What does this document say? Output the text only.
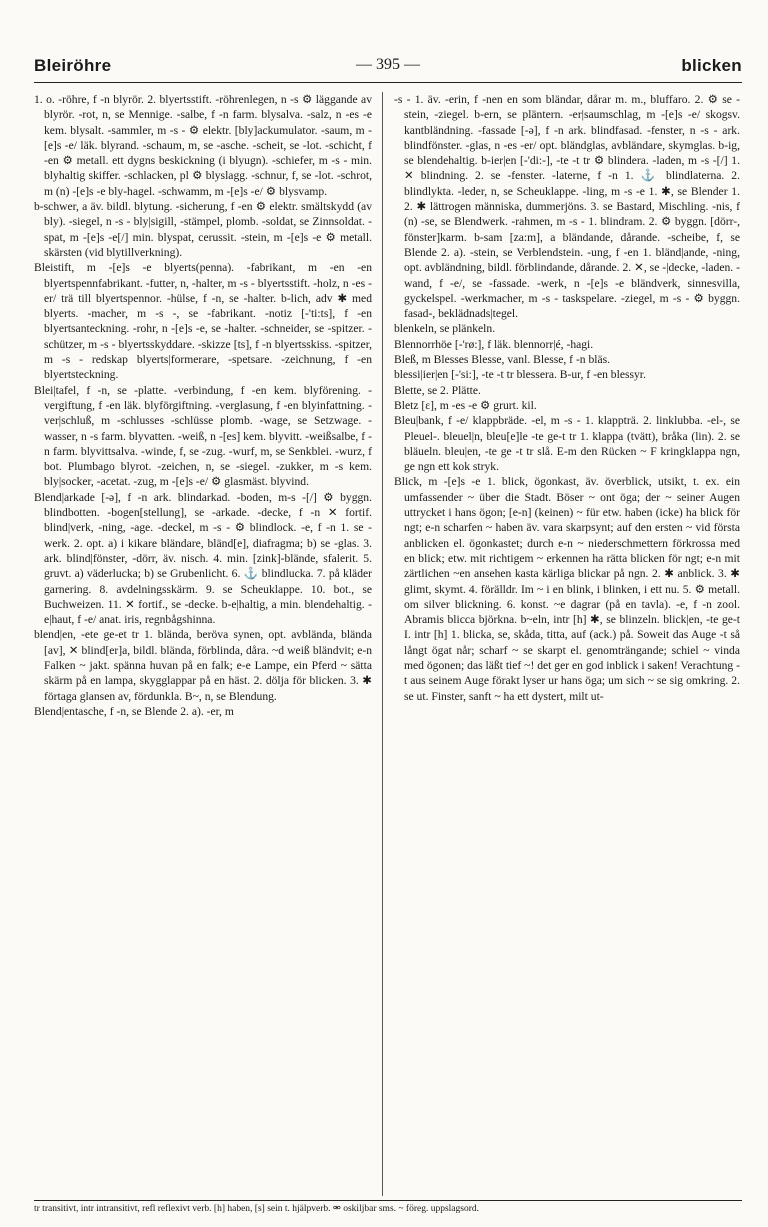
Bleiröhre	— 395 —	blicken

1. o. -röhre, f -n blyrör. 2. blyertsstift. -röhrenlegen, n -s ⚙ läggande av blyrör. -rot, n, se Mennige. -salbe, f -n farm. blysalva. -salz, n -es -e kem. blysalt. -sammler, m -s - ⚙ elektr. [bly]ackumulator. -saum, m -[e]s -e/ läk. blyrand. -schaum, m, se -asche. -scheit, se -lot. -schicht, f -en ⚙ metall. ett dygns beskickning (i blyugn). -schiefer, m -s - min. blyhaltig skiffer. -schlacken, pl ⚙ blyslagg. -schnur, f, se -lot. -schrot, m (n) -[e]s -e bly-hagel. -schwamm, m -[e]s -e/ ⚙ blysvamp.

b-schwer, a äv. bildl. blytung. -sicherung, f -en ⚙ elektr. smältskydd (av bly). -siegel, n -s - bly|sigill, -stämpel, plomb. -soldat, se Zinnsoldat. -spat, m -[e]s -e[/] min. blyspat, cerussit. -stein, m -[e]s -e ⚙ metall. skärsten (vid blytillverkning).

Bleistift, m -[e]s -e blyerts(penna). -fabrikant, m -en -en blyertspennfabrikant. -futter, n, -halter, m -s - blyertsstift. -holz, n -es -er/ trä till blyertspennor. -hülse, f -n, se -halter. b-lich, adv ✱ med blyerts. -macher, m -s -, se -fabrikant. -notiz [-'ti:ts], f -en blyertsanteckning. -rohr, n -[e]s -e, se -halter. -schneider, se -spitzer. -schützer, m -s - blyertsskyddare. -skizze [ts], f -n blyertsskiss. -spitzer, m -s - redskap blyerts|formerare, -spetsare. -zeichnung, f -en blyertsteckning.

Blei|tafel, f -n, se -platte. -verbindung, f -en kem. blyförening. -vergiftung, f -en läk. blyförgiftning. -verglasung, f -en blyinfattning. -ver|schluß, m -schlusses -schlüsse plomb. -wage, se Setzwage. -wasser, n -s farm. blyvatten. -weiß, n -[es] kem. blyvitt. -weißsalbe, f -n farm. blyvittsalva. -winde, f, se -zug. -wurf, m, se Senkblei. -wurz, f bot. Plumbago blyrot. -zeichen, n, se -siegel. -zukker, m -s kem. bly|socker, -acetat. -zug, m -[e]s -e/ ⚙ glasmäst. blyvind.

Blend|arkade [-ə], f -n ark. blindarkad. -boden, m-s -[/] ⚙ byggn. blindbotten. -bogen[stellung], se -arkade. -decke, f -n ✕ fortif. blind|verk, -ning, -age. -deckel, m -s - ⚙ blindlock. -e, f -n 1. se -werk. 2. opt. a) i kikare bländare, bländ[e], diafragma; b) se -glas. 3. ark. blind|fönster, -dörr, äv. nisch. 4. min. [zink]-blände, sfalerit. 5. gruvt. a) väderlucka; b) se Grubenlicht. 6. ⚓ blindlucka. 7. på kläder garnering. 8. avdelningsskärm. 9. se Scheuklappe. 10. bot., se Buchweizen. 11. ✕ fortif., se -decke. b-e|haltig, a min. blendehaltig. -e|haut, f -e/ anat. iris, regnbågshinna.

blend|en, -ete ge-et tr 1. blända, beröva synen, opt. avblända, blända [av], ✕ blind[er]a, bildl. blända, förblinda, dåra. ~d weiß bländvit; e-n Falken ~ jakt. spänna huvan på en falk; e-e Lampe, ein Pferd ~ sätta skärm på en lampa, skygglappar på en häst. 2. dölja för blicken. 3. ✱ förtaga glansen av, fördunkla. B~, n, se Blendung.

Blend|entasche, f -n, se Blende 2. a). -er, m

-s - 1. äv. -erin, f -nen en som bländar, dårar m. m., bluffaro. 2. ⚙ se -stein, -ziegel. b-ern, se pläntern. -er|saumschlag, m -[e]s -e/ skogsv. kantbländning. -fassade [-ə], f -n ark. blindfasad. -fenster, n -s - ark. blindfönster. -glas, n -es -er/ opt. bländglas, avbländare, skymglas. b-ig, se blendehaltig. b-ier|en [-'di:-], -te -t tr ⚙ blindera. -laden, m -s -[/] 1. ✕ blindning. 2. se -fenster. -laterne, f -n 1. ⚓ blindlaterna. 2. blindlykta. -leder, n, se Scheuklappe. -ling, m -s -e 1. ✱, se Blender 1. 2. ✱ lättrogen människa, dummerjöns. 3. se Bastard, Mischling. -nis, f (n) -se, se Blendwerk. -rahmen, m -s - 1. blindram. 2. ⚙ byggn. [dörr-, fönster]karm. b-sam [za:m], a bländande, dårande. -scheibe, f, se Blende 2. a). -stein, se Verblendstein. -ung, f -en 1. bländ|ande, -ning, opt. avbländning, bildl. förblindande, dårande. 2. ✕, se -|decke, -laden. -wand, f -e/, se -fassade. -werk, n -[e]s -e bländverk, sinnesvilla, gyckelspel. -werkmacher, m -s - taskspelare. -ziegel, m -s - ⚙ byggn. fasad-, beklädnads|tegel.

blenkeln, se plänkeln.

Blennorrhöe [-'rø:], f läk. blennorr|é, -hagi.

Bleß, m Blesses Blesse, vanl. Blesse, f -n bläs.

blessi|ier|en [-'si:], -te -t tr blessera. B-ur, f -en blessyr.

Blette, se 2. Plätte.

Bletz [ɛ], m -es -e ⚙ grurt. kil.

Bleu|bank, f -e/ klappbräde. -el, m -s - 1. klappträ. 2. linklubba. -el-, se Pleuel-. bleuel|n, bleu[e]le -te ge-t tr 1. klappa (tvätt), bråka (lin). 2. se bläueln. bleu|en, -te ge -t tr slå. E-m den Rücken ~ F kringklappa ngn, ge ngn ett kok stryk.

Blick, m -[e]s -e 1. blick, ögonkast, äv. överblick, utsikt, t. ex. ein umfassender ~ über die Stadt. Böser ~ ont öga; der ~ seiner Augen uttrycket i hans ögon; [e-n] (keinen) ~ für etw. haben (icke) ha blick för ngt; e-n scharfen ~ haben äv. vara skarpsynt; auf den ersten ~ vid första anblicken el. ögonkastet; durch e-n ~ niederschmettern förkrossa med en blick; etw. mit richtigem ~ erkennen ha rätta blicken för ngt; e-n mit zärtlichen ~en ansehen kasta kärliga blickar på ngn. 2. ✱ anblick. 3. ✱ glimt, skymt. 4. förälldr. Im ~ i en blink, i blinken, i ett nu. 5. ⚙ metall. om silver blickning. 6. konst. ~e dagrar (på en tavla). -e, f -n zool. Abramis blicca björkna. b~eln, intr [h] ✱, se blinzeln. blick|en, -te ge-t I. intr [h] 1. blicka, se, skåda, titta, auf (ack.) på. Soweit das Auge -t så långt ögat når; scharf ~ se skarpt el. genomträngande; schiel ~ vinda med ögonen; das läßt tief ~! det ger en god inblick i saken! Verachtung -t aus seinem Auge förakt lyser ur hans öga; um sich ~ se sig omkring. 2. se ut. Finster, sanft ~ ha ett dystert, milt ut-

tr transitivt, intr intransitivt, refl reflexivt verb. [h] haben, [s] sein t. hjälpverb. ⚮ oskiljbar sms. ~ föreg. uppslagsord.
